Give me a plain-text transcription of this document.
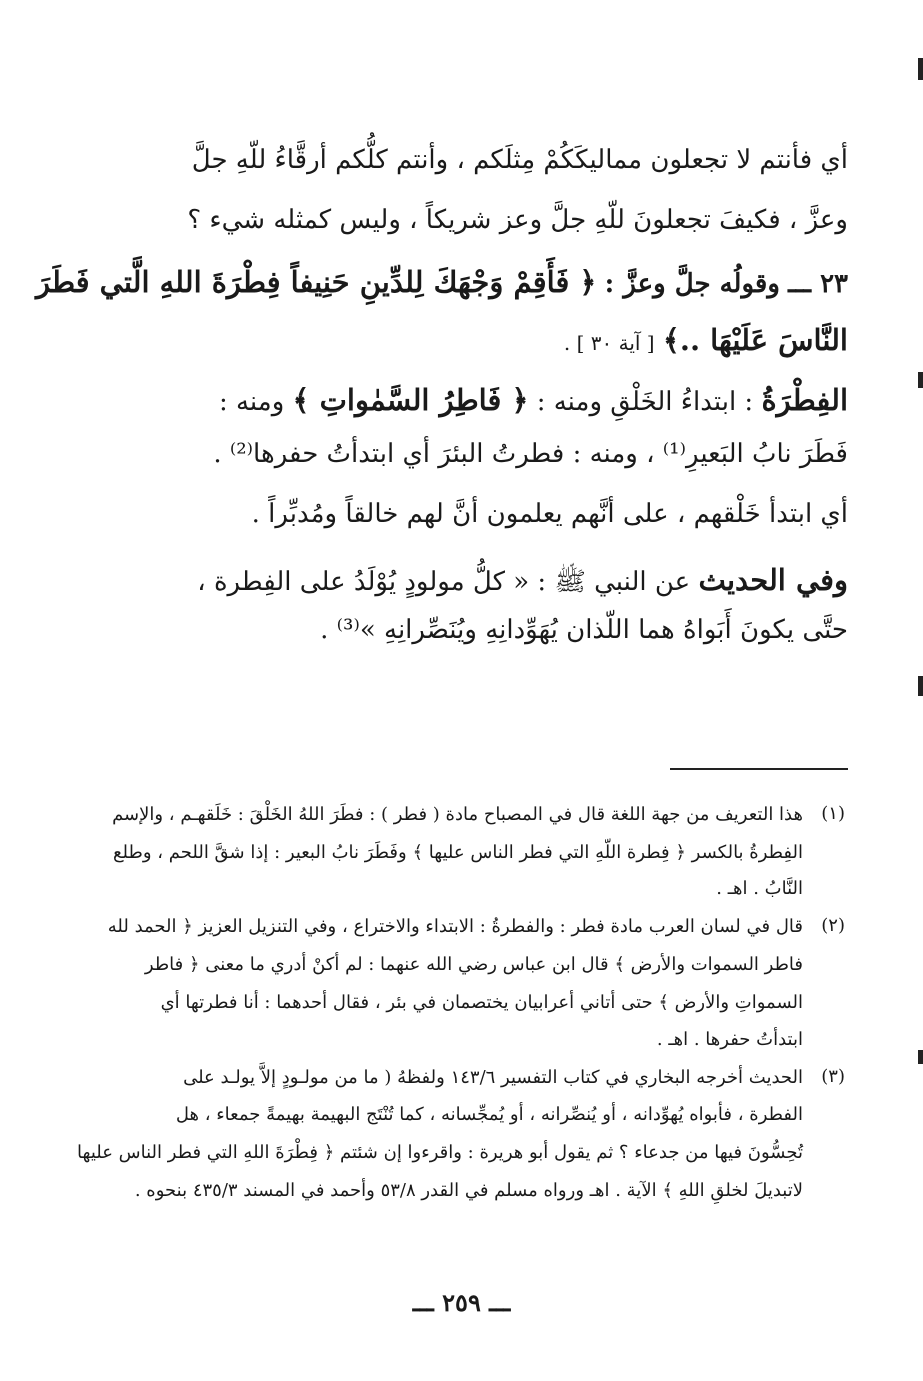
أي فأنتم لا تجعلون مماليكَكُمْ مِثلَكم ، وأنتم كلُّكم أرقَّاءُ للّهِ جلَّ
وعزَّ ، فكيفَ تجعلونَ للّهِ جلَّ وعز شريكاً ، وليس كمثله شيء ؟
٢٣ ـــ وقولُه جلَّ وعزَّ : ﴿ فَأَقِمْ وَجْهَكَ لِلدِّينِ حَنِيفاً فِطْرَةَ اللهِ الَّتي فَطَرَ
النَّاسَ عَلَيْهَا ..﴾ [ آية ٣٠ ] .
الفِطْرَةُ : ابتداءُ الخَلْقِ ومنه : ﴿ فَاطِرُ السَّمٰواتِ ﴾ ومنه :
فَطَرَ نابُ البَعيرِ⁽¹⁾ ، ومنه : فطرتُ البئرَ أي ابتدأتُ حفرها⁽²⁾ .
أي ابتدأ خَلْقهم ، على أنَّهم يعلمون أنَّ لهم خالقاً ومُدبِّراً .
وفي الحديث عن النبي ﷺ : « كلُّ مولودٍ يُوْلَدُ على الفِطرة ،
حتَّى يكونَ أَبَواهُ هما اللّذان يُهَوِّدانِهِ ويُنَصِّرانِهِ »⁽³⁾ .
(١)
هذا التعريف من جهة اللغة قال في المصباح مادة ( فطر ) : فطَرَ اللهُ الخَلْقَ : خَلَقهـم ، والإسم
الفِطرةُ بالكسر ﴿ فِطرة اللّهِ التي فطر الناس عليها ﴾ وفَطَرَ نابُ البعير : إذا شقَّ اللحم ، وطلع
النَّابُ . اهـ .
(٢)
قال في لسان العرب مادة فطر : والفطرةُ : الابتداء والاختراع ، وفي التنزيل العزيز ﴿ الحمد لله
فاطر السموات والأرض ﴾ قال ابن عباس رضي الله عنهما : لم أكنْ أدري ما معنى ﴿ فاطر
السمواتِ والأرض ﴾ حتى أتاني أعرابيان يختصمان في بئر ، فقال أحدهما : أنا فطرتها أي
ابتدأتُ حفرها . اهـ .
(٣)
الحديث أخرجه البخاري في كتاب التفسير ١٤٣/٦ ولفظهُ ( ما من مولـودٍ إلاَّ يولـد على
الفطرة ، فأبواه يُهوِّدانه ، أو يُنصِّرانه ، أو يُمجِّسانه ، كما تُنْتَج البهيمة بهيمةً جمعاء ، هل
تُحِسُّونَ فيها من جدعاء ؟ ثم يقول أبو هريرة : واقرءوا إن شئتم ﴿ فِطْرَةَ اللهِ التي فطر الناس عليها
لاتبديلَ لخلقِ اللهِ ﴾ الآية . اهـ ورواه مسلم في القدر ٥٣/٨ وأحمد في المسند ٤٣٥/٣ بنحوه .
ـــ ٢٥٩ ـــ
